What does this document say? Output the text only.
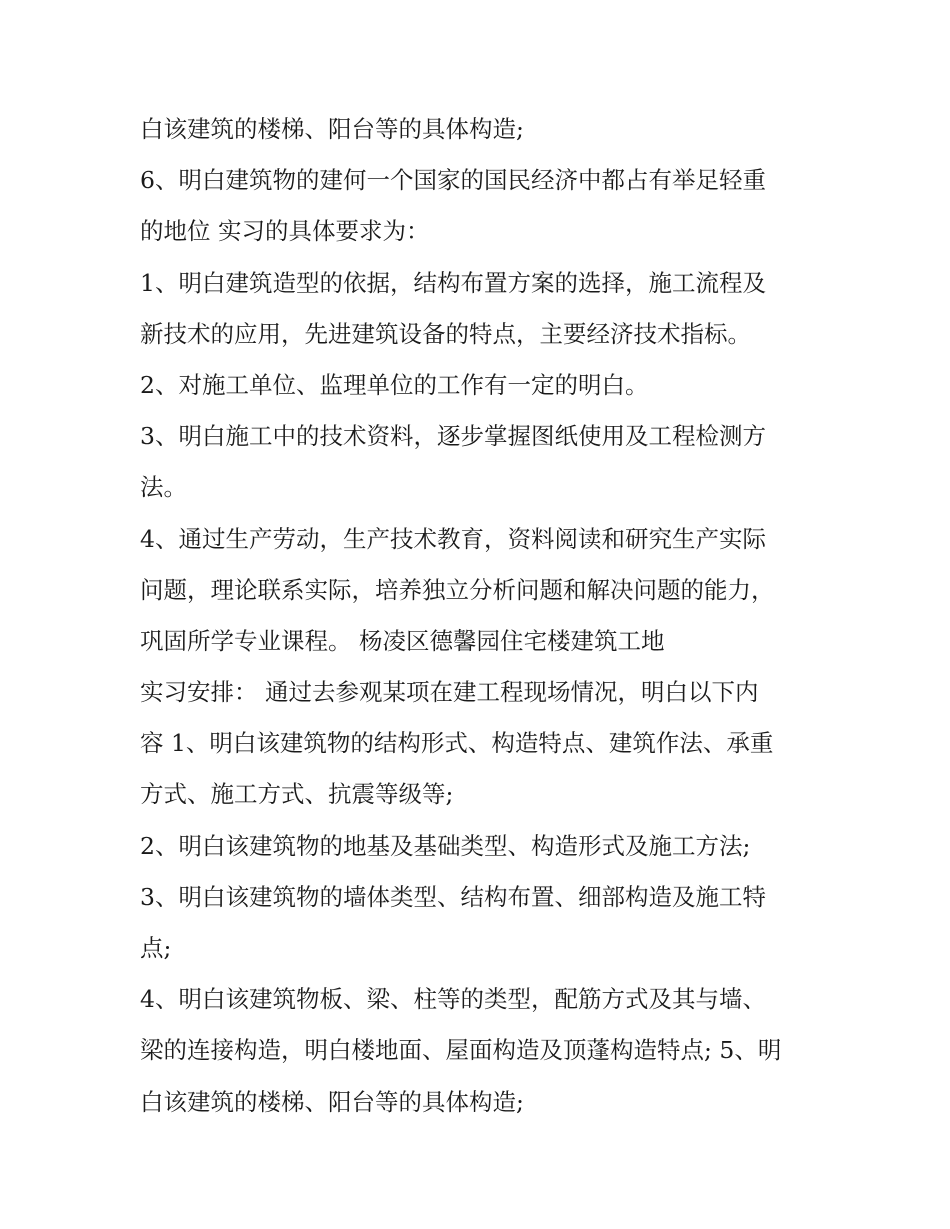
白该建筑的楼梯、阳台等的具体构造;
6、明白建筑物的建何一个国家的国民经济中都占有举足轻重
的地位 实习的具体要求为：
1、明白建筑造型的依据，结构布置方案的选择，施工流程及
新技术的应用，先进建筑设备的特点，主要经济技术指标。
2、对施工单位、监理单位的工作有一定的明白。
3、明白施工中的技术资料，逐步掌握图纸使用及工程检测方
法。
4、通过生产劳动，生产技术教育，资料阅读和研究生产实际
问题，理论联系实际，培养独立分析问题和解决问题的能力，
巩固所学专业课程。 杨凌区德馨园住宅楼建筑工地
实习安排： 通过去参观某项在建工程现场情况，明白以下内
容 1、明白该建筑物的结构形式、构造特点、建筑作法、承重
方式、施工方式、抗震等级等;
2、明白该建筑物的地基及基础类型、构造形式及施工方法;
3、明白该建筑物的墙体类型、结构布置、细部构造及施工特
点;
4、明白该建筑物板、梁、柱等的类型，配筋方式及其与墙、
梁的连接构造，明白楼地面、屋面构造及顶蓬构造特点; 5、明
白该建筑的楼梯、阳台等的具体构造;
